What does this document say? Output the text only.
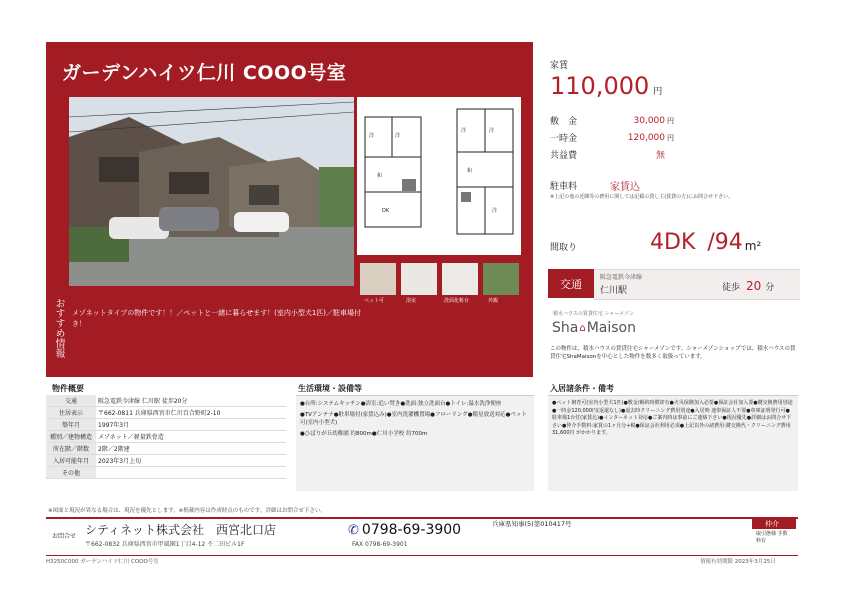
ガーデンハイツ仁川 COOO号室
洋	洋
和
DK
洋	洋
和
洋
ペット可	浴室	洗面化粧台	外観
おすすめ情報 メゾネットタイプの物件です！！／ペットと一緒に暮らせます！(室内小型犬1匹)／駐車場付き！
家賃
110,000 円
敷　金	30,000 円
一時金	120,000 円
共益費	無
駐車料	家賃込
※上記の他の近隣等の費用に関しては記載の貸し主(賃貸の方)にお問合せ下さい。
間取り	4DK /94 m²
交通	阪急電鉄今津線
仁川駅	徒歩 20 分
積水ハウスの賃貸住宅 シャーメゾン
Sha ⌂ Maison
この物件は、積水ハウスの賃貸住宅シャーメゾンです。シャーメゾンショップでは、積水ハウスの賃貸住宅ShaMaisonを中心とした物件を数多く取扱っています。
物件概要
交通	阪急電鉄今津線 仁川駅 徒歩20分
住居表示	〒662-0811 兵庫県西宮市仁川百合野町2-10
築年月	1997年3月
種別／建物構造	メゾネット／軽量鉄骨造
所在階／階数	2階／2階建
入居可能年月	2023年3月上旬
その他	
生活環境・設備等
●台所:システムキッチン●浴室:追い焚き●洗面:独立洗面台●トイレ:温水洗浄便座
●TVアンテナ●駐車場付(家賃込み)●室内洗濯機置場●フローリング●衛星放送対応●ペット可(室内小型犬)
●ひばりが丘幼稚園 約800m●仁川小学校 約700m
入居諸条件・備考
●ペット飼育可(室内小型犬1匹)●敷金/解約時償却有●火災保険加入必要●保証会社加入要●鍵交換費用別途●一時金120,000円(返還なし)●退去時クリーニング費用別途●入居時 連帯保証人不要●車庫証明発行可●駐車場1台付(家賃込)●インターネット対応●ご案内時は事前にご連絡下さい●現況優先●詳細はお問合せ下さい●仲介手数料:家賃の1ヶ月分+税●保証会社利用必須●上記以外の諸費用:鍵交換代・クリーニング費用 31,600円 がかかります。
※図面と現況が異なる場合は、現況を優先とします。※掲載内容は作成時点のものです。詳細はお問合せ下さい。
お問合せ シティネット株式会社　西宮北口店
〒662-0832 兵庫県西宮市甲風園1丁目4-12 不二田ビル1F
✆ 0798-69-3900
FAX 0798-69-3901
兵庫県知事(5)第010417号	仲介
取引態様 手数料有
H3250C000 ガーデンハイツ仁川 COOO号室	情報有効期限 2023年3月25日
